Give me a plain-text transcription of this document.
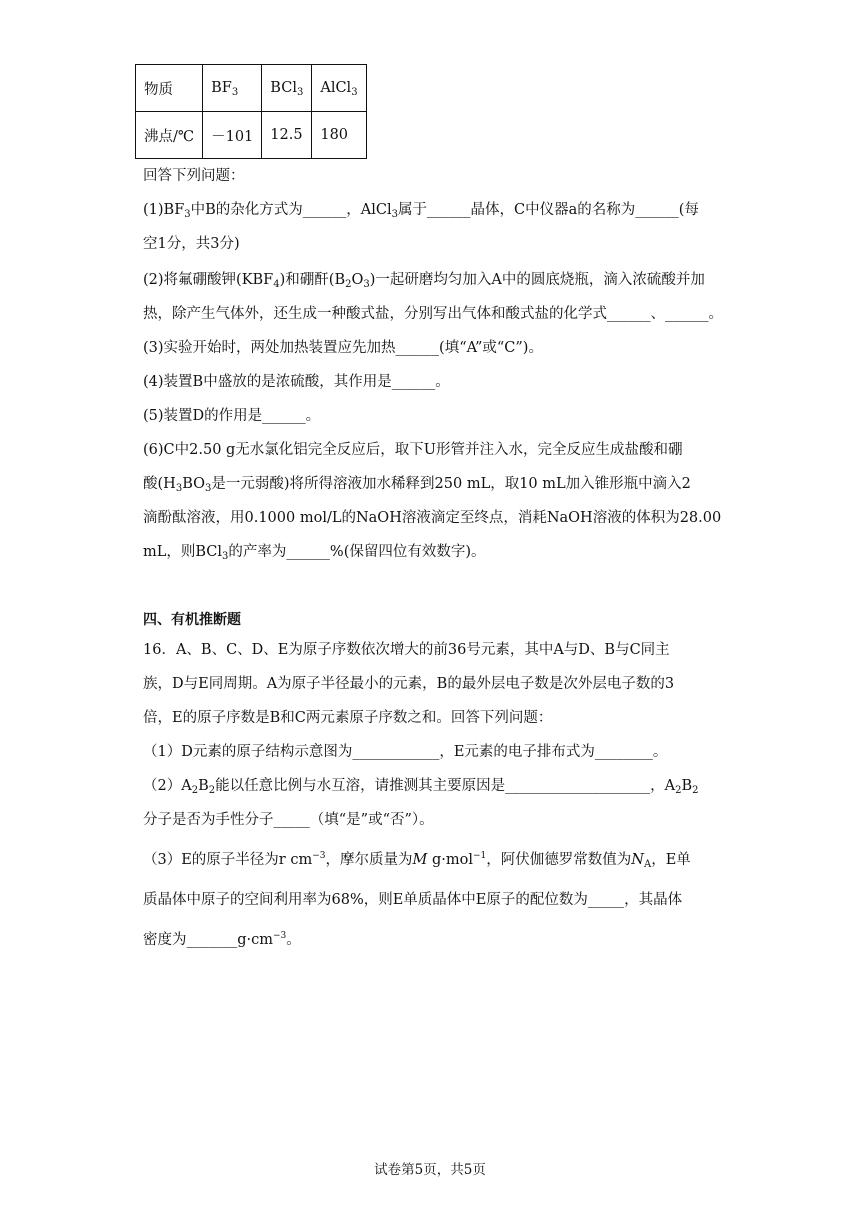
物质	$BF_3$	BCl$_3$	AlCl$_3$
沸点/℃	－101	12.5	180
回答下列问题：
$(1)BF_3$中B的杂化方式为______，AlCl$_3$属于______晶体，C中仪器a的名称为______(每
空1分，共3分)
(2)将氟硼酸钾$(KBF_4)$和硼酐$(B_2O_3)$一起研磨均匀加入A中的圆底烧瓶，滴入浓硫酸并加
热，除产生气体外，还生成一种酸式盐，分别写出气体和酸式盐的化学式______、______。
(3)实验开始时，两处加热装置应先加热______(填“A”或“C”)。
(4)装置B中盛放的是浓硫酸，其作用是______。
(5)装置D的作用是______。
(6)C中2.50 g无水氯化铝完全反应后，取下U形管并注入水，完全反应生成盐酸和硼
酸($H_3BO_3$是一元弱酸)将所得溶液加水稀释到250 mL，取10 mL加入锥形瓶中滴入2
滴酚酞溶液，用0.1000 mol/L的NaOH溶液滴定至终点，消耗NaOH溶液的体积为28.00
mL，则BCl$_3$的产率为______%(保留四位有效数字)。
四、有机推断题
16．A、B、C、D、E为原子序数依次增大的前36号元素，其中A与D、B与C同主
族，D与E同周期。A为原子半径最小的元素，B的最外层电子数是次外层电子数的3
倍，E的原子序数是B和C两元素原子序数之和。回答下列问题：
（1）D元素的原子结构示意图为____________，E元素的电子排布式为________。
$(2)A_2B_2$能以任意比例与水互溶，请推测其主要原因是____________________，$A_2B_2$
分子是否为手性分子_____（填“是”或“否”）。
（3）E的原子半径为r $cm^{-3}$，摩尔质量为M g·mol$^{-1}$，阿伏伽德罗常数值为$N_A$，E单
质晶体中原子的空间利用率为68%，则E单质晶体中E原子的配位数为_____，其晶体
密度为$\_\_\_\_\_\_\_g\cdot cm^{-3}$。
试卷第5页，共5页
